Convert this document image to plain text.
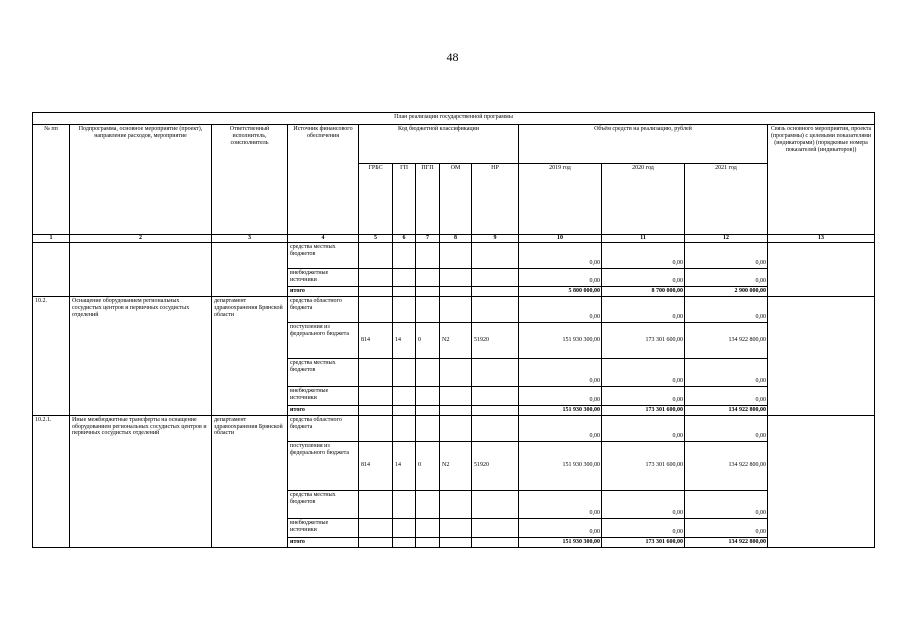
48
План реализации государственной программы												
№ пп	Подпрограмма, основное мероприятие (проект), направление расходов, мероприятие	Ответственный исполнитель, соисполнитель	Источник финансового обеспечения	Код бюджетной классификации					Объём средств на реализацию, рублей			Связь основного мероприятия, проекта (программы) с целевыми показателями (индикаторами) (порядковые номера показателей (индикаторов))
				ГРБС	ГП	ПГП	ОМ	НР	2019 год	2020 год	2021 год	
1	2	3	4	5	6	7	8	9	10	11	12	13
			средства местных бюджетов						0,00	0,00	0,00	
			внебюджетные источники						0,00	0,00	0,00	
			итого						5 800 000,00	8 700 000,00	2 900 000,00	
10.2.	Оснащение оборудованием региональных сосудистых центров и первичных сосудистых отделений	департамент здравоохранения Брянской области	средства областного бюджета						0,00	0,00	0,00	
			поступления из федерального бюджета	814	14	0	N2	51920	151 930 300,00	173 301 600,00	134 922 800,00	
			средства местных бюджетов						0,00	0,00	0,00	
			внебюджетные источники						0,00	0,00	0,00	
			итого						151 930 300,00	173 301 600,00	134 922 800,00	
10.2.1.	Иные межбюджетные трансферты на оснащение оборудованием региональных сосудистых центров и первичных сосудистых отделений	департамент здравоохранения Брянской области	средства областного бюджета						0,00	0,00	0,00	
			поступления из федерального бюджета	814	14	0	N2	51920	151 930 300,00	173 301 600,00	134 922 800,00	
			средства местных бюджетов						0,00	0,00	0,00	
			внебюджетные источники						0,00	0,00	0,00	
			итого						151 930 300,00	173 301 600,00	134 922 800,00	
